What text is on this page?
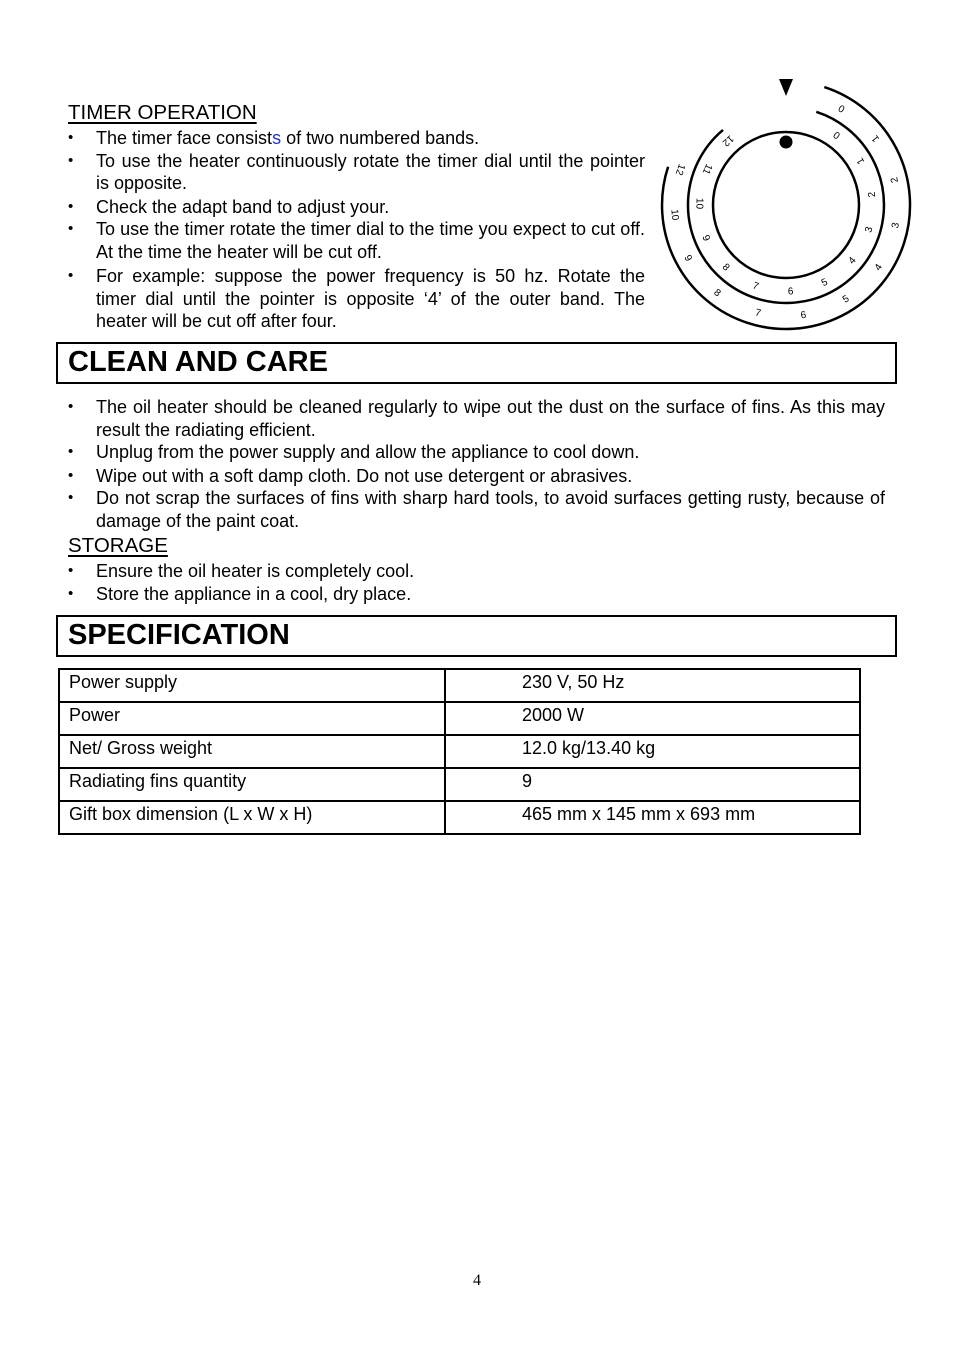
TIMER OPERATION
• The timer face consists of two numbered bands.
• To use the heater continuously rotate the timer dial until the pointer is opposite.
• Check the adapt band to adjust your.
• To use the timer rotate the timer dial to the time you expect to cut off. At the time the heater will be cut off.
• For example: suppose the power frequency is 50 hz. Rotate the timer dial until the pointer is opposite ‘4’ of the outer band. The heater will be cut off after four.
0
1
2
3
4
5
6
7
8
9
10
11
12
0
1
2
3
4
5
6
7
8
9
10
12
CLEAN AND CARE
• The oil heater should be cleaned regularly to wipe out the dust on the surface of fins. As this may result the radiating efficient.
• Unplug from the power supply and allow the appliance to cool down.
• Wipe out with a soft damp cloth. Do not use detergent or abrasives.
• Do not scrap the surfaces of fins with sharp hard tools, to avoid surfaces getting rusty, because of damage of the paint coat.
STORAGE
• Ensure the oil heater is completely cool.
• Store the appliance in a cool, dry place.
SPECIFICATION
Power supply	230 V, 50 Hz
Power	2000 W
Net/ Gross weight	12.0 kg/13.40 kg
Radiating fins quantity	9
Gift box dimension (L x W x H)	465 mm x 145 mm x 693 mm
4
